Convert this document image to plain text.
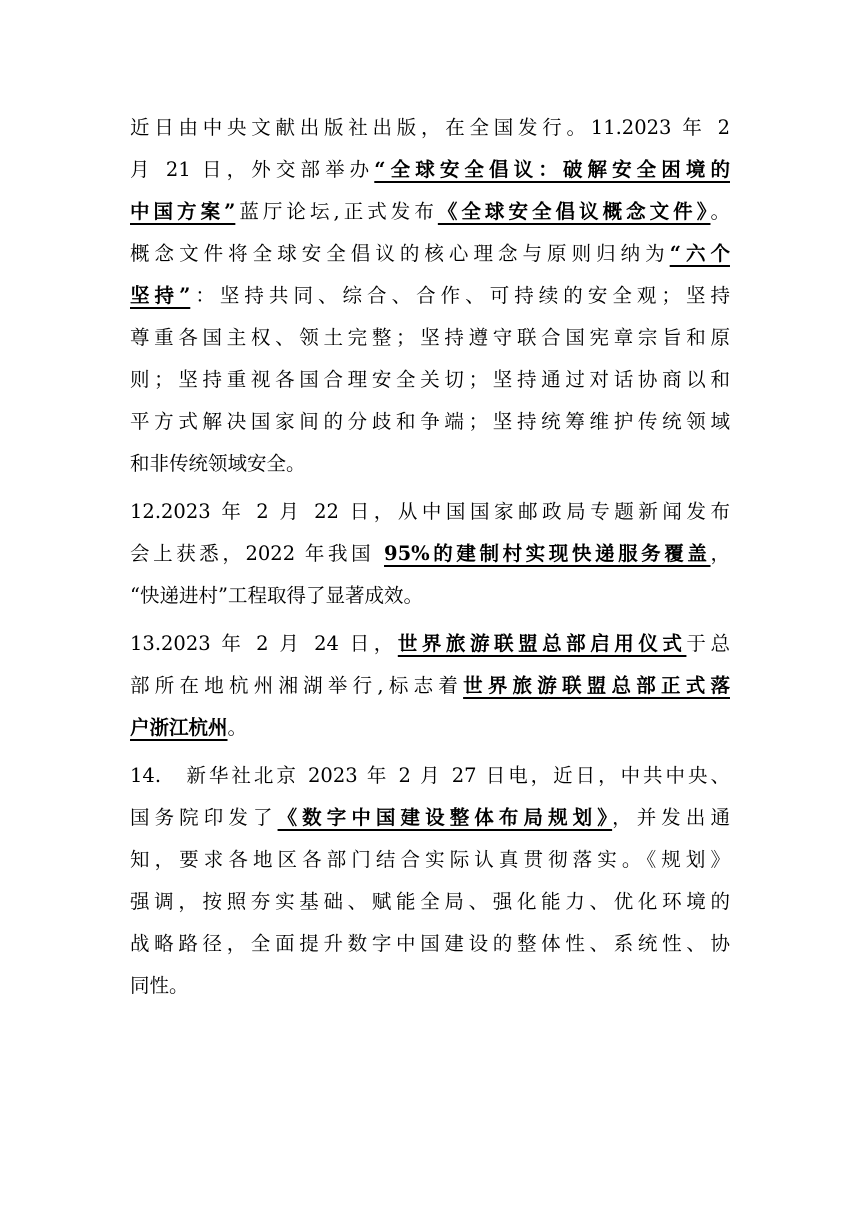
近日由中央文献出版社出版，在全国发行。11.2023 年 2
月 21 日，外交部举办“全球安全倡议：破解安全困境的
中国方案”蓝厅论坛,正式发布《全球安全倡议概念文件》。
概念文件将全球安全倡议的核心理念与原则归纳为“六个
坚持”：坚持共同、综合、合作、可持续的安全观；坚持
尊重各国主权、领土完整；坚持遵守联合国宪章宗旨和原
则；坚持重视各国合理安全关切；坚持通过对话协商以和
平方式解决国家间的分歧和争端；坚持统筹维护传统领域
和非传统领域安全。
12.2023 年 2 月 22 日，从中国国家邮政局专题新闻发布
会上获悉，2022 年我国 95%的建制村实现快递服务覆盖，
“快递进村”工程取得了显著成效。
13.2023 年 2 月 24 日，世界旅游联盟总部启用仪式于总
部所在地杭州湘湖举行,标志着世界旅游联盟总部正式落
户浙江杭州。
14.　新华社北京 2023 年 2 月 27 日电，近日，中共中央、
国务院印发了《数字中国建设整体布局规划》，并发出通
知，要求各地区各部门结合实际认真贯彻落实。《规划》
强调，按照夯实基础、赋能全局、强化能力、优化环境的
战略路径，全面提升数字中国建设的整体性、系统性、协
同性。
